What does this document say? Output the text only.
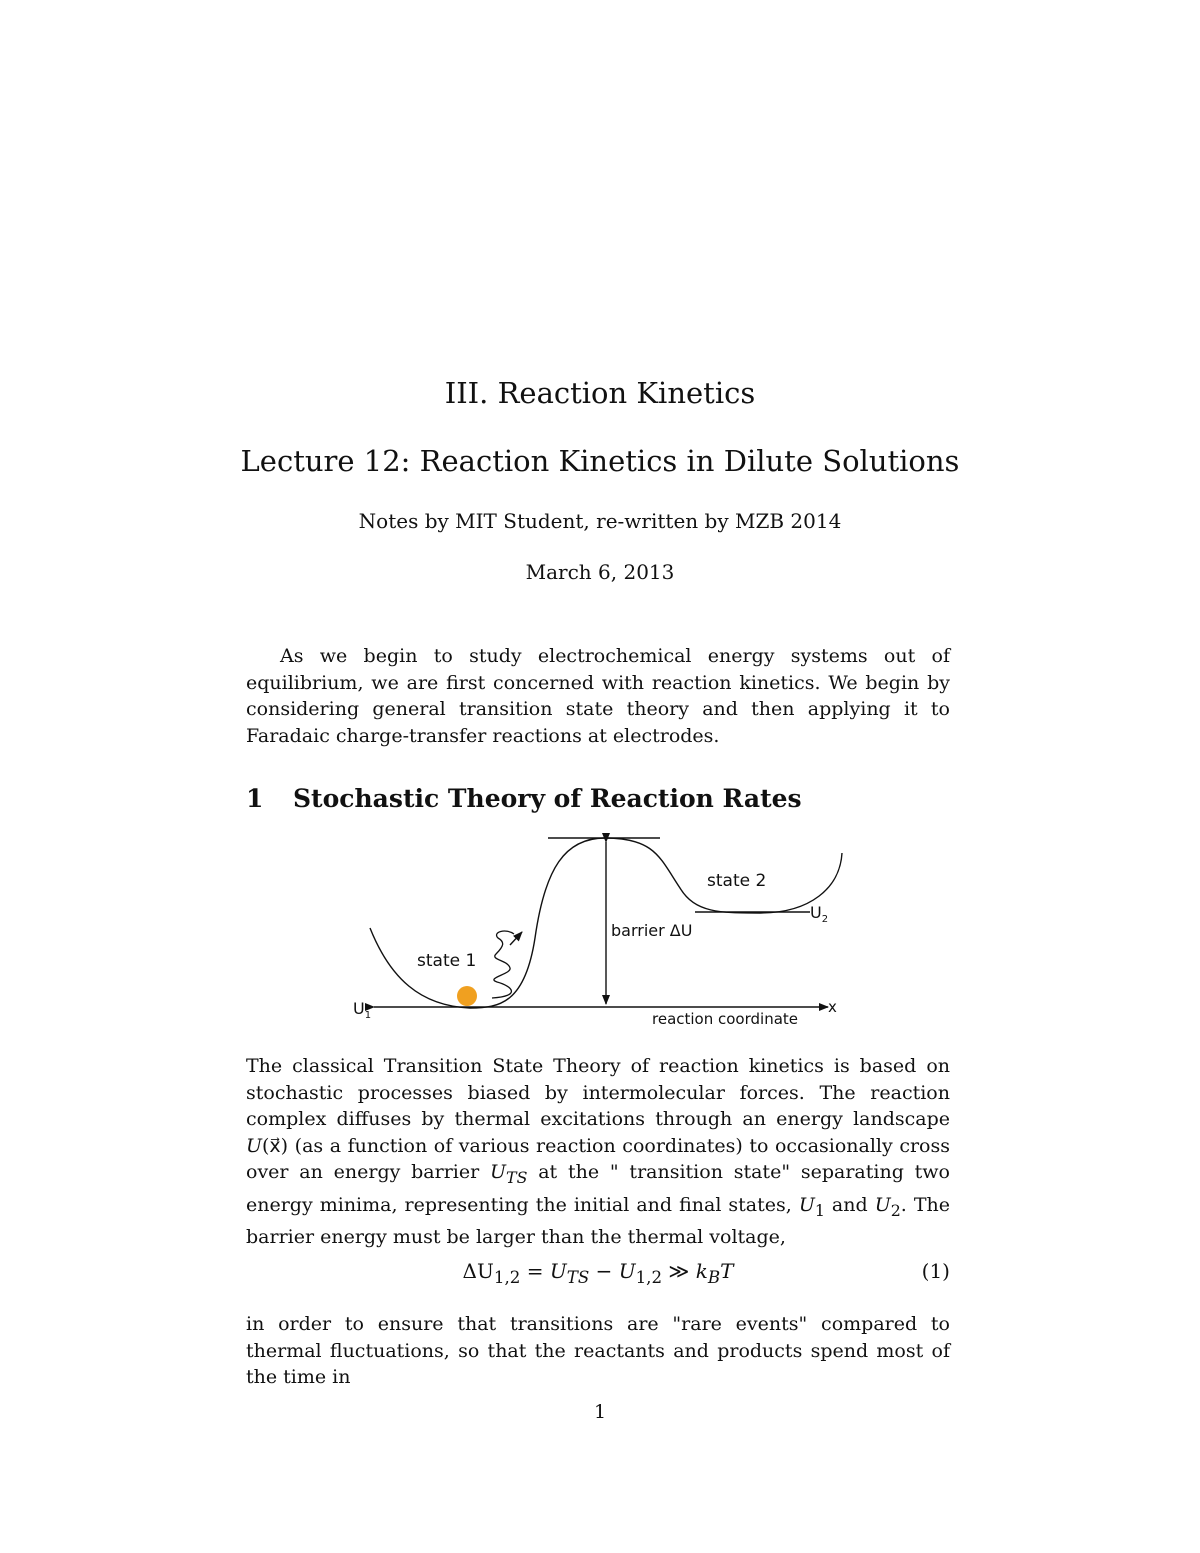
III. Reaction Kinetics
Lecture 12: Reaction Kinetics in Dilute Solutions
Notes by MIT Student, re-written by MZB 2014
March 6, 2013
As we begin to study electrochemical energy systems out of equilibrium, we are first concerned with reaction kinetics. We begin by considering general transition state theory and then applying it to Faradaic charge-transfer reactions at electrodes.
1 Stochastic Theory of Reaction Rates
state 1
state 2
barrier ΔU
$U_1$
$U_2$
x
reaction coordinate
The classical Transition State Theory of reaction kinetics is based on stochastic processes biased by intermolecular forces. The reaction complex diffuses by thermal excitations through an energy landscape U(x⃗) (as a function of various reaction coordinates) to occasionally cross over an energy barrier $U_{TS}$ at the " transition state" separating two energy minima, representing the initial and final states, $U_1$ and $U_2$. The barrier energy must be larger than the thermal voltage,
$\Delta U_{1,2} = U_{TS} - U_{1,2}$ ≫ $k_BT$	(1)
in order to ensure that transitions are "rare events" compared to thermal fluctuations, so that the reactants and products spend most of the time in
1
